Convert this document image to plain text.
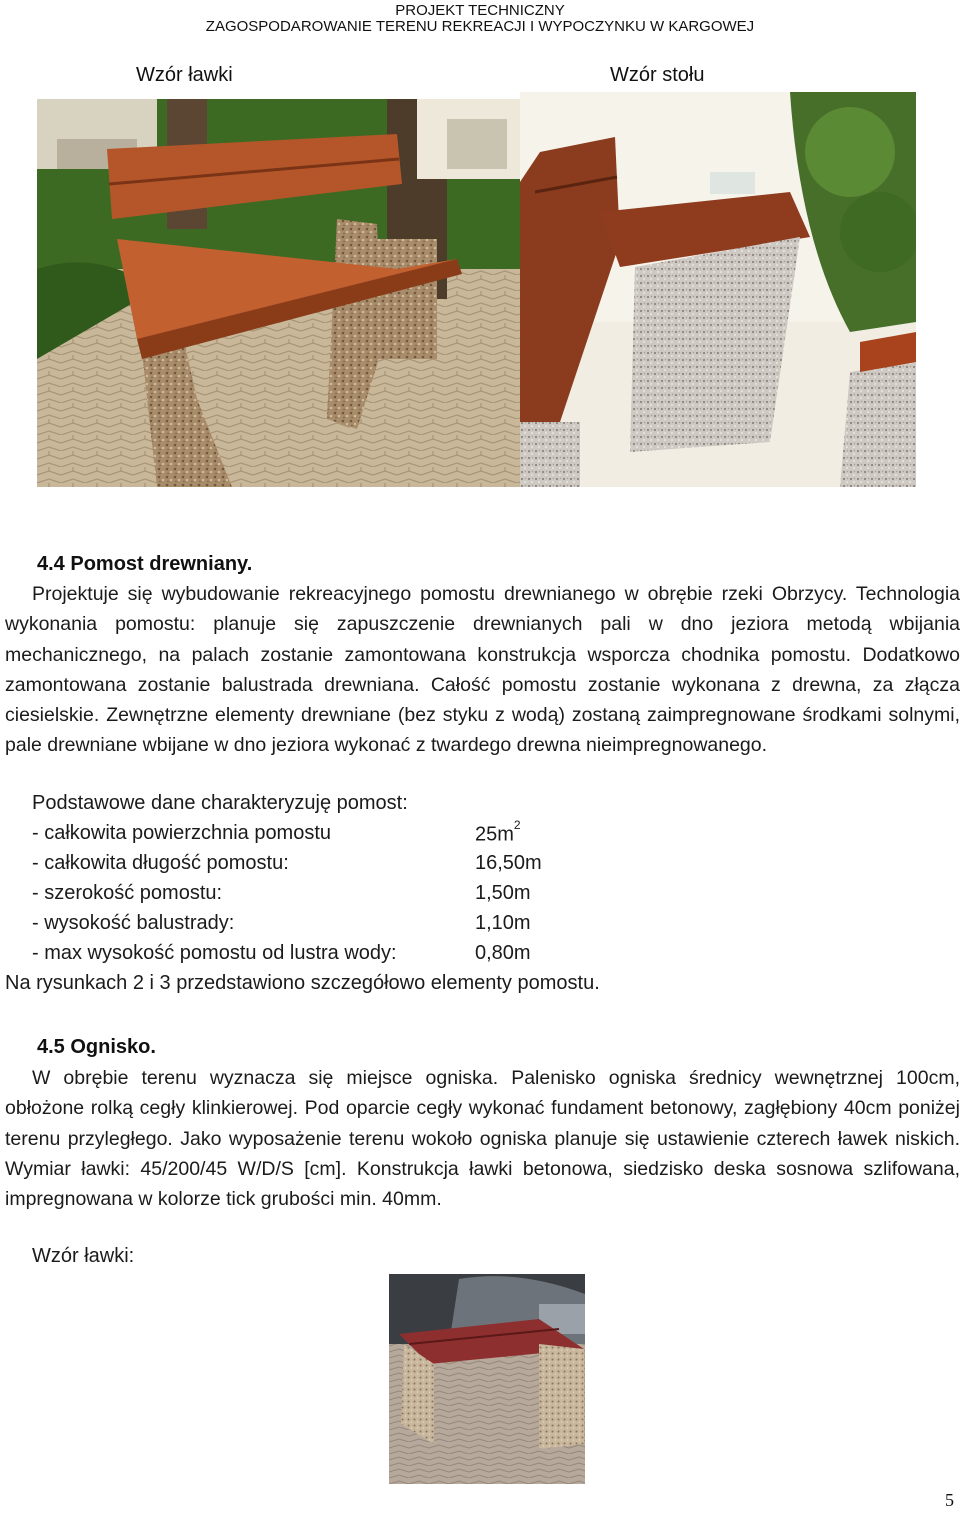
PROJEKT TECHNICZNY
ZAGOSPODAROWANIE TERENU REKREACJI I WYPOCZYNKU W KARGOWEJ
Wzór ławki	Wzór stołu
4.4 Pomost drewniany.
Projektuje się wybudowanie rekreacyjnego pomostu drewnianego w obrębie rzeki Obrzycy. Technologia wykonania pomostu: planuje się zapuszczenie drewnianych pali w dno jeziora metodą wbijania mechanicznego, na palach zostanie zamontowana konstrukcja wsporcza chodnika pomostu. Dodatkowo zamontowana zostanie balustrada drewniana. Całość pomostu zostanie wykonana z drewna, za złącza ciesielskie. Zewnętrzne elementy drewniane (bez styku z wodą) zostaną zaimpregnowane środkami solnymi, pale drewniane wbijane w dno jeziora wykonać z twardego drewna nieimpregnowanego.
Podstawowe dane charakteryzuję pomost:
- całkowita powierzchnia pomostu	$25m^2$
- całkowita długość pomostu:	16,50m
- szerokość pomostu:	1,50m
- wysokość balustrady:	1,10m
- max wysokość pomostu od lustra wody:	0,80m
Na rysunkach 2 i 3 przedstawiono szczegółowo elementy pomostu.
4.5 Ognisko.
W obrębie terenu wyznacza się miejsce ogniska. Palenisko ogniska średnicy wewnętrznej 100cm, obłożone rolką cegły klinkierowej. Pod oparcie cegły wykonać fundament betonowy, zagłębiony 40cm poniżej terenu przyległego. Jako wyposażenie terenu wokoło ogniska planuje się ustawienie czterech ławek niskich. Wymiar ławki: 45/200/45 W/D/S [cm]. Konstrukcja ławki betonowa, siedzisko deska sosnowa szlifowana, impregnowana w kolorze tick grubości min. 40mm.
Wzór ławki:
5
